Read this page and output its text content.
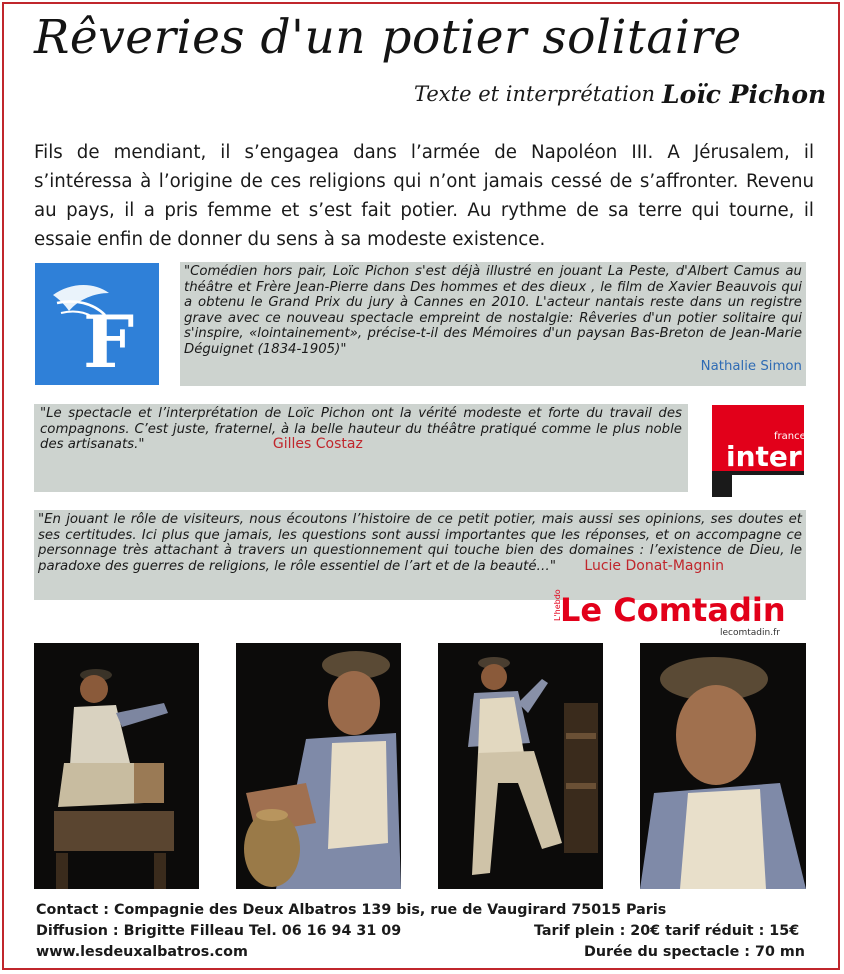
Rêveries d'un potier solitaire
Texte et interprétation Loïc Pichon
Fils de mendiant, il s’engagea dans l’armée de Napoléon III. A Jérusalem, il s’intéressa à l’origine de ces religions qui n’ont jamais cessé de s’affronter. Revenu au pays, il a pris femme et s’est fait potier. Au rythme de sa terre qui tourne, il essaie enfin de donner du sens à sa modeste existence.
F
"Comédien hors pair, Loïc Pichon s'est déjà illustré en jouant La Peste, d'Albert Camus au théâtre et Frère Jean-Pierre dans Des hommes et des dieux , le film de Xavier Beauvois qui a obtenu le Grand Prix du jury à Cannes en 2010. L'acteur nantais reste dans un registre grave avec ce nouveau spectacle empreint de nostalgie: Rêveries d'un potier solitaire qui s'inspire, «lointainement», précise-t-il des Mémoires d'un paysan Bas-Breton de Jean-Marie Déguignet (1834-1905)"
Nathalie Simon
"Le spectacle et l’interprétation de Loïc Pichon ont la vérité modeste et forte du travail des compagnons. C’est juste, fraternel, à la belle hauteur du théâtre pratiqué comme le plus noble des artisanats."	Gilles Costaz	france
inter
"En jouant le rôle de visiteurs, nous écoutons l’histoire de ce petit potier, mais aussi ses opinions, ses doutes et ses certitudes. Ici plus que jamais, les questions sont aussi importantes que les réponses, et on accompagne ce personnage très attachant à travers un questionnement qui touche bien des domaines : l’existence de Dieu, le paradoxe des guerres de religions, le rôle essentiel de l’art et de la beauté…" Lucie Donat-Magnin
L'hebdo
Le Comtadin
lecomtadin.fr
Contact : Compagnie des Deux Albatros 139 bis, rue de Vaugirard 75015 Paris
Diffusion : Brigitte Filleau Tel. 06 16 94 31 09
www.lesdeuxalbatros.com
Tarif plein : 20€ tarif réduit : 15€
Durée du spectacle : 70 mn
